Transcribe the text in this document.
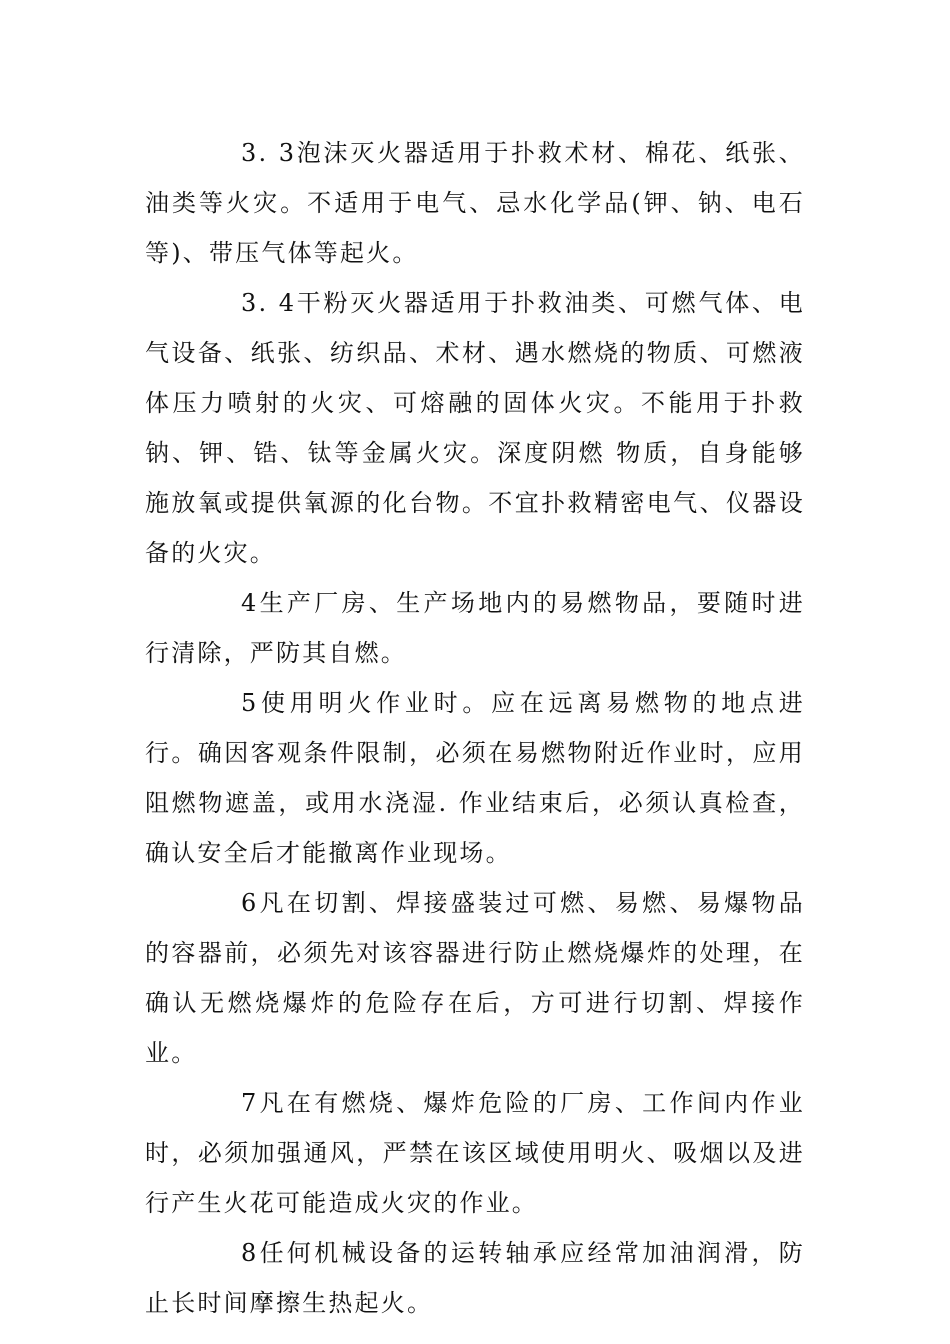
3. 3泡沫灭火器适用于扑救术材、棉花、纸张、油类等火灾。不适用于电气、忌水化学品(钾、钠、电石等)、带压气体等起火。

3. 4干粉灭火器适用于扑救油类、可燃气体、电气设备、纸张、纺织品、术材、遇水燃烧的物质、可燃液体压力喷射的火灾、可熔融的固体火灾。不能用于扑救钠、钾、锆、钛等金属火灾。深度阴燃 物质，自身能够施放氧或提供氧源的化台物。不宜扑救精密电气、仪器设备的火灾。

4生产厂房、生产场地内的易燃物品，要随时进行清除，严防其自燃。

5使用明火作业时。应在远离易燃物的地点进行。确因客观条件限制，必须在易燃物附近作业时，应用阻燃物遮盖，或用水浇湿. 作业结束后，必须认真检查，确认安全后才能撤离作业现场。

6凡在切割、焊接盛装过可燃、易燃、易爆物品的容器前，必须先对该容器进行防止燃烧爆炸的处理，在确认无燃烧爆炸的危险存在后，方可进行切割、焊接作业。

7凡在有燃烧、爆炸危险的厂房、工作间内作业时，必须加强通风，严禁在该区域使用明火、吸烟以及进行产生火花可能造成火灾的作业。

8任何机械设备的运转轴承应经常加油润滑，防止长时间摩擦生热起火。
